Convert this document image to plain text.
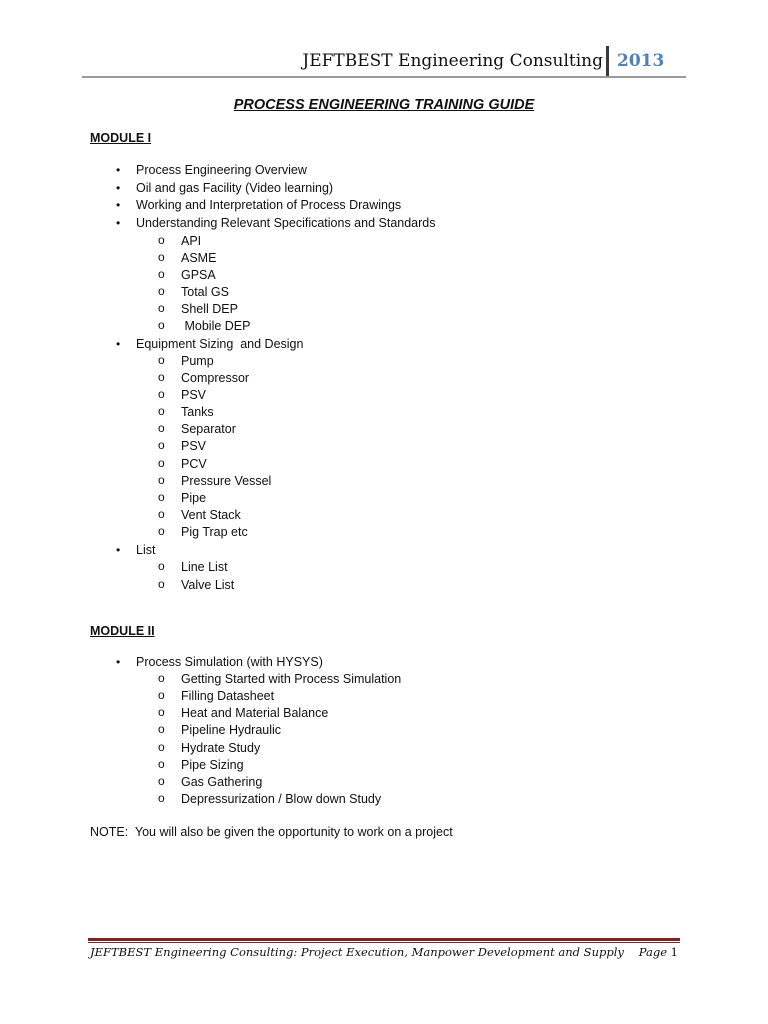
JEFTBEST Engineering Consulting 2013
PROCESS ENGINEERING TRAINING GUIDE
MODULE I
• Process Engineering Overview
• Oil and gas Facility (Video learning)
• Working and Interpretation of Process Drawings
• Understanding Relevant Specifications and Standards
o API
o ASME
o GPSA
o Total GS
o Shell DEP
o Mobile DEP
• Equipment Sizing  and Design
o Pump
o Compressor
o PSV
o Tanks
o Separator
o PSV
o PCV
o Pressure Vessel
o Pipe
o Vent Stack
o Pig Trap etc
• List
o Line List
o Valve List
MODULE II
• Process Simulation (with HYSYS)
o Getting Started with Process Simulation
o Filling Datasheet
o Heat and Material Balance
o Pipeline Hydraulic
o Hydrate Study
o Pipe Sizing
o Gas Gathering
o Depressurization / Blow down Study
NOTE:  You will also be given the opportunity to work on a project
JEFTBEST Engineering Consulting: Project Execution, Manpower Development and Supply Page 1
